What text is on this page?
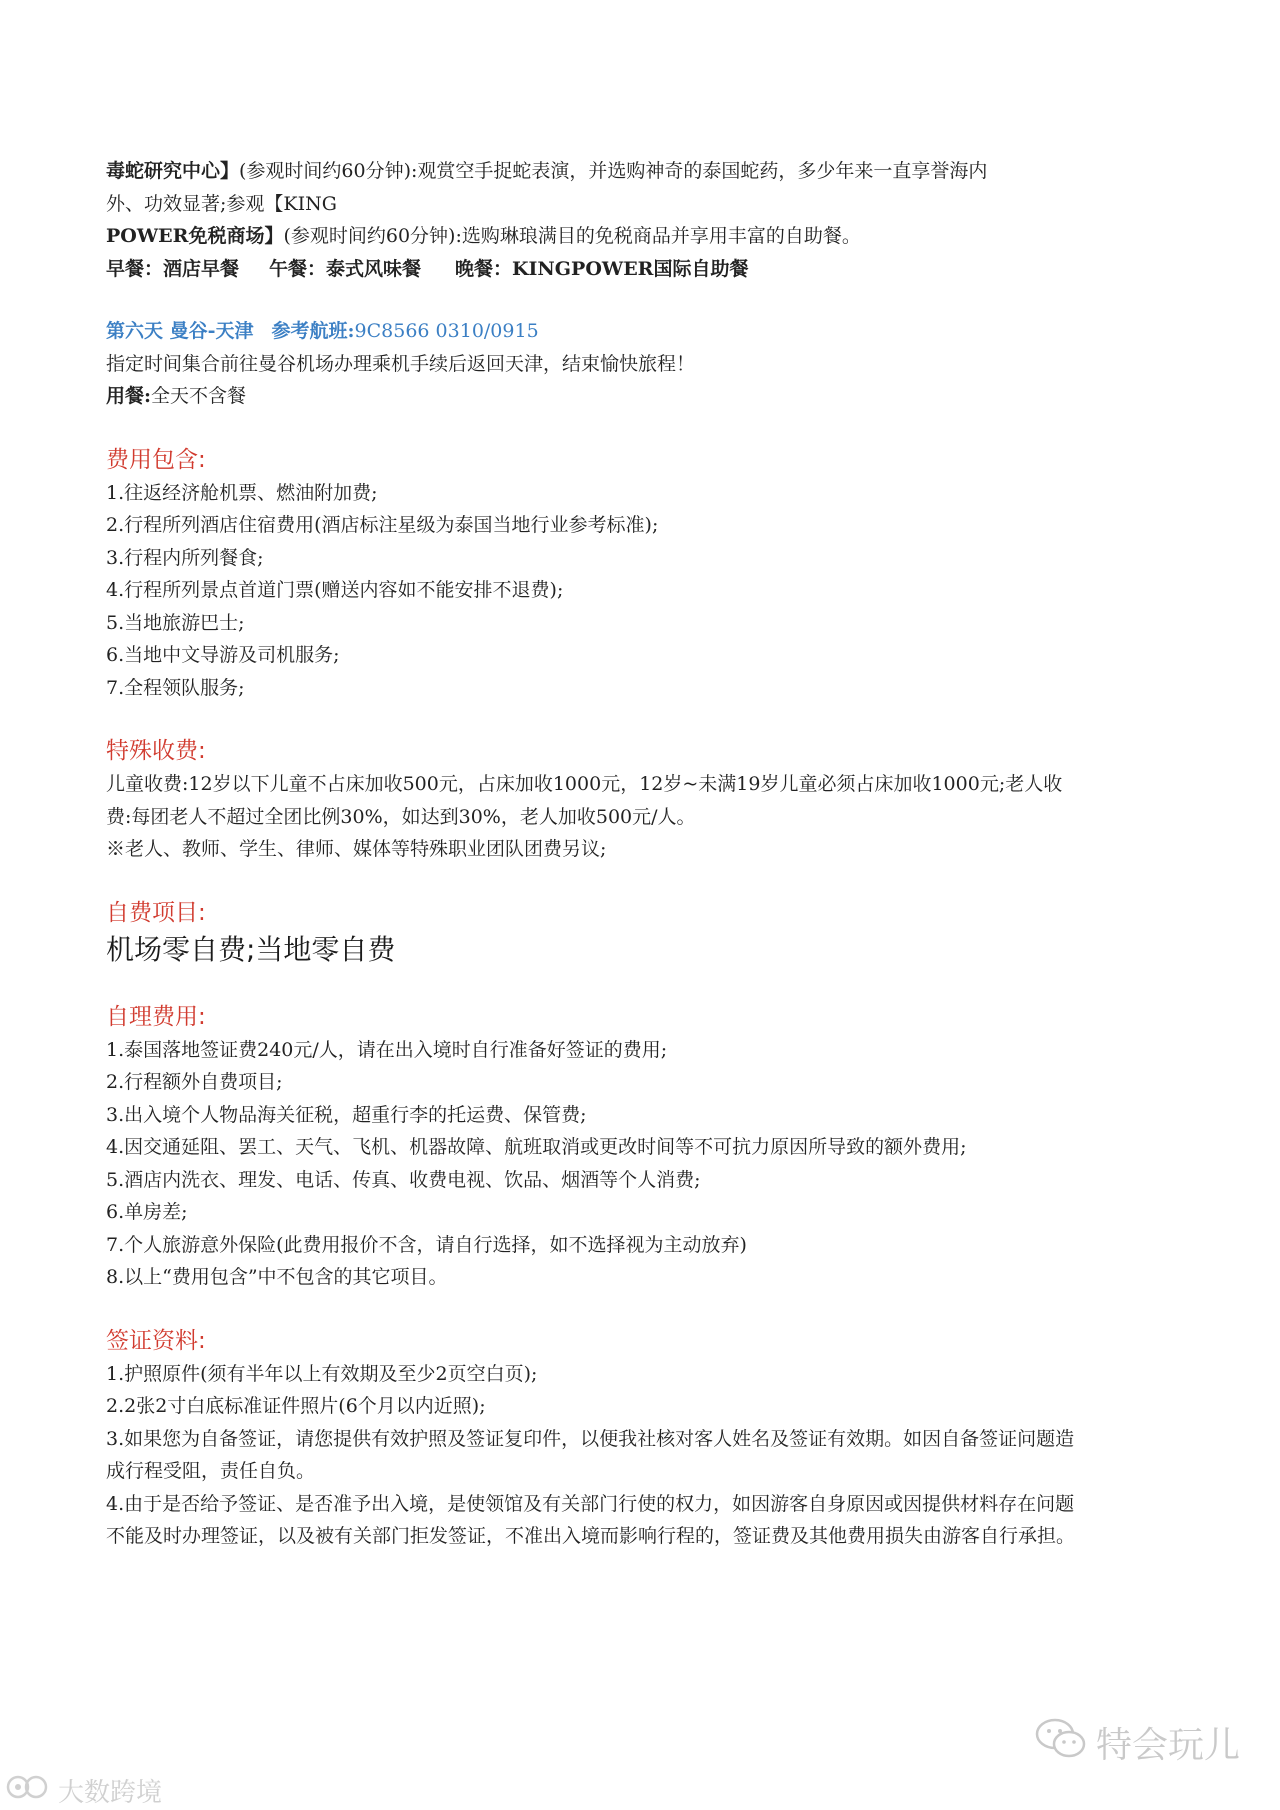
毒蛇研究中心】(参观时间约60分钟):观赏空手捉蛇表演，并选购神奇的泰国蛇药，多少年来一直享誉海内
外、功效显著;参观【KING
POWER免税商场】(参观时间约60分钟):选购琳琅满目的免税商品并享用丰富的自助餐。
早餐：酒店早餐 午餐：泰式风味餐 晚餐：KINGPOWER国际自助餐
第六天 曼谷-天津 参考航班:9C8566 0310/0915
指定时间集合前往曼谷机场办理乘机手续后返回天津，结束愉快旅程！
用餐:全天不含餐
费用包含:
1.往返经济舱机票、燃油附加费;
2.行程所列酒店住宿费用(酒店标注星级为泰国当地行业参考标准);
3.行程内所列餐食;
4.行程所列景点首道门票(赠送内容如不能安排不退费);
5.当地旅游巴士;
6.当地中文导游及司机服务;
7.全程领队服务;
特殊收费:
儿童收费:12岁以下儿童不占床加收500元，占床加收1000元，12岁~未满19岁儿童必须占床加收1000元;老人收费:每团老人不超过全团比例30%，如达到30%，老人加收500元/人。
※老人、教师、学生、律师、媒体等特殊职业团队团费另议;
自费项目:
机场零自费;当地零自费
自理费用:
1.泰国落地签证费240元/人，请在出入境时自行准备好签证的费用;
2.行程额外自费项目;
3.出入境个人物品海关征税，超重行李的托运费、保管费;
4.因交通延阻、罢工、天气、飞机、机器故障、航班取消或更改时间等不可抗力原因所导致的额外费用;
5.酒店内洗衣、理发、电话、传真、收费电视、饮品、烟酒等个人消费;
6.单房差;
7.个人旅游意外保险(此费用报价不含，请自行选择，如不选择视为主动放弃)
8.以上“费用包含”中不包含的其它项目。
签证资料:
1.护照原件(须有半年以上有效期及至少2页空白页);
2.2张2寸白底标准证件照片(6个月以内近照);
3.如果您为自备签证，请您提供有效护照及签证复印件，以便我社核对客人姓名及签证有效期。如因自备签证问题造成行程受阻，责任自负。
4.由于是否给予签证、是否准予出入境，是使领馆及有关部门行使的权力，如因游客自身原因或因提供材料存在问题不能及时办理签证，以及被有关部门拒发签证，不准出入境而影响行程的，签证费及其他费用损失由游客自行承担。
特会玩儿
大数跨境
